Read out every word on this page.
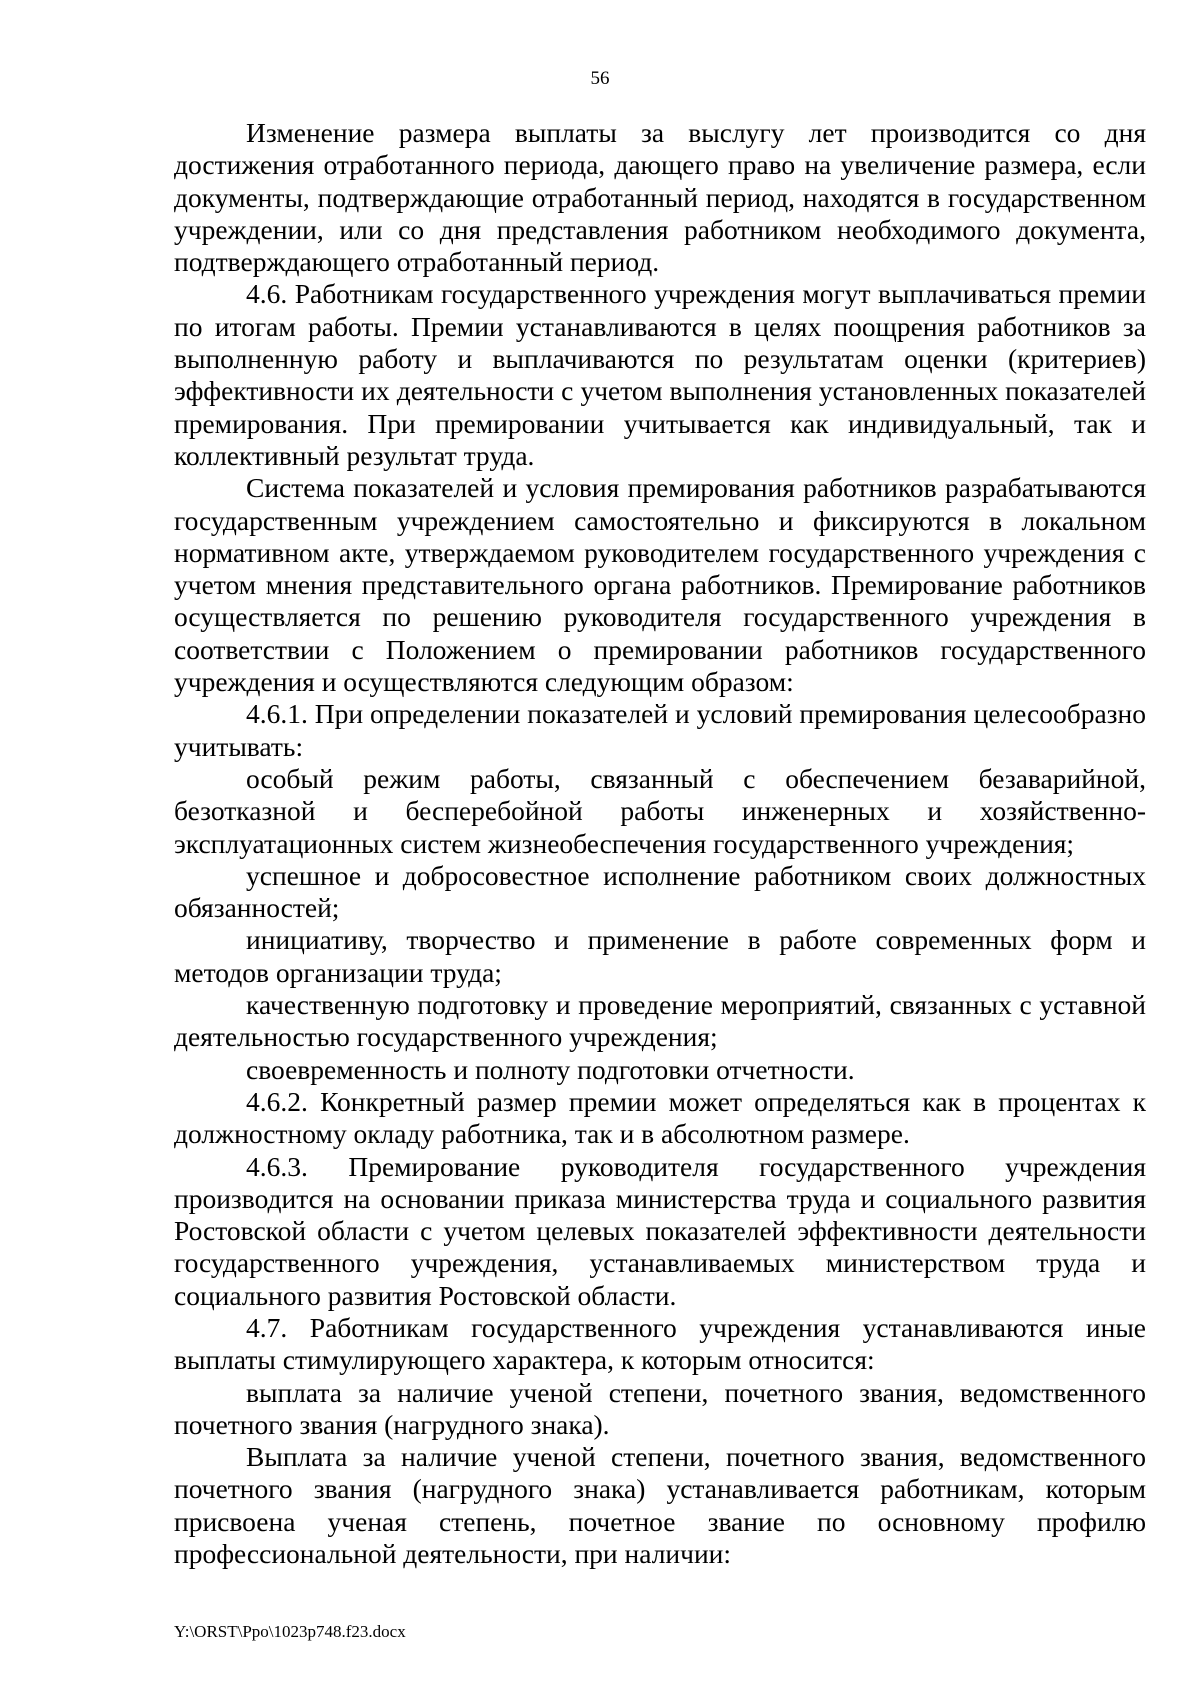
56

Изменение размера выплаты за выслугу лет производится со дня достижения отработанного периода, дающего право на увеличение размера, если документы, подтверждающие отработанный период, находятся в государственном учреждении, или со дня представления работником необходимого документа, подтверждающего отработанный период.

4.6. Работникам государственного учреждения могут выплачиваться премии по итогам работы. Премии устанавливаются в целях поощрения работников за выполненную работу и выплачиваются по результатам оценки (критериев) эффективности их деятельности с учетом выполнения установленных показателей премирования. При премировании учитывается как индивидуальный, так и коллективный результат труда.

Система показателей и условия премирования работников разрабатываются государственным учреждением самостоятельно и фиксируются в локальном нормативном акте, утверждаемом руководителем государственного учреждения с учетом мнения представительного органа работников. Премирование работников осуществляется по решению руководителя государственного учреждения в соответствии с Положением о премировании работников государственного учреждения и осуществляются следующим образом:

4.6.1. При определении показателей и условий премирования целесообразно учитывать:

особый режим работы, связанный с обеспечением безаварийной, безотказной и бесперебойной работы инженерных и хозяйственно-эксплуатационных систем жизнеобеспечения государственного учреждения;

успешное и добросовестное исполнение работником своих должностных обязанностей;

инициативу, творчество и применение в работе современных форм и методов организации труда;

качественную подготовку и проведение мероприятий, связанных с уставной деятельностью государственного учреждения;

своевременность и полноту подготовки отчетности.

4.6.2. Конкретный размер премии может определяться как в процентах к должностному окладу работника, так и в абсолютном размере.

4.6.3. Премирование руководителя государственного учреждения производится на основании приказа министерства труда и социального развития Ростовской области с учетом целевых показателей эффективности деятельности государственного учреждения, устанавливаемых министерством труда и социального развития Ростовской области.

4.7. Работникам государственного учреждения устанавливаются иные выплаты стимулирующего характера, к которым относится:

выплата за наличие ученой степени, почетного звания, ведомственного почетного звания (нагрудного знака).

Выплата за наличие ученой степени, почетного звания, ведомственного почетного звания (нагрудного знака) устанавливается работникам, которым присвоена ученая степень, почетное звание по основному профилю профессиональной деятельности, при наличии:

Y:\ORST\Ppo\1023p748.f23.docx
